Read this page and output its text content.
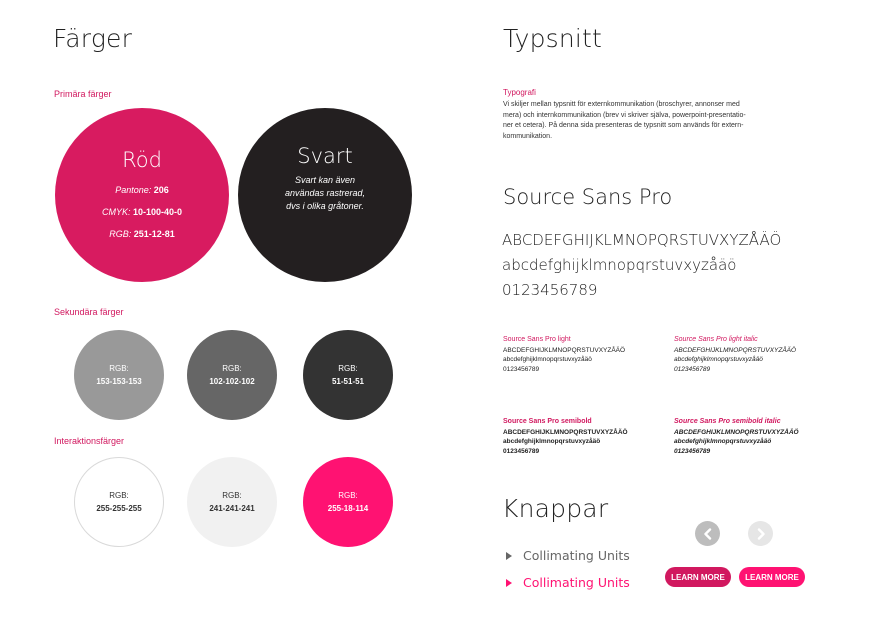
Färger
Primära färger
Röd
Pantone: 206
CMYK: 10-100-40-0
RGB: 251-12-81
Svart
Svart kan även
användas rastrerad,
dvs i olika gråtoner.
Sekundära färger
RGB:
153-153-153
RGB:
102-102-102
RGB:
51-51-51
Interaktionsfärger
RGB:
255-255-255
RGB:
241-241-241
RGB:
255-18-114
Typsnitt
Typografi
Vi skiljer mellan typsnitt för externkommunikation (broschyrer, annonser med
mera) och internkommunikation (brev vi skriver själva, powerpoint-presentatio-
ner et cetera). På denna sida presenteras de typsnitt som används för extern-
kommunikation.
Source Sans Pro
ABCDEFGHIJKLMNOPQRSTUVXYZÅÄÖ
abcdefghijklmnopqrstuvxyzåäö
0123456789
Source Sans Pro light
ABCDEFGHIJKLMNOPQRSTUVXYZÅÄÖ
abcdefghijklmnopqrstuvxyzåäö
0123456789
Source Sans Pro light italic
ABCDEFGHIJKLMNOPQRSTUVXYZÅÄÖ
abcdefghijklmnopqrstuvxyzåäö
0123456789
Source Sans Pro semibold
ABCDEFGHIJKLMNOPQRSTUVXYZÅÄÖ
abcdefghijklmnopqrstuvxyzåäö
0123456789
Source Sans Pro semibold italic
ABCDEFGHIJKLMNOPQRSTUVXYZÅÄÖ
abcdefghijklmnopqrstuvxyzåäö
0123456789
Knappar
Collimating Units
Collimating Units	LEARN MORE	LEARN MORE
